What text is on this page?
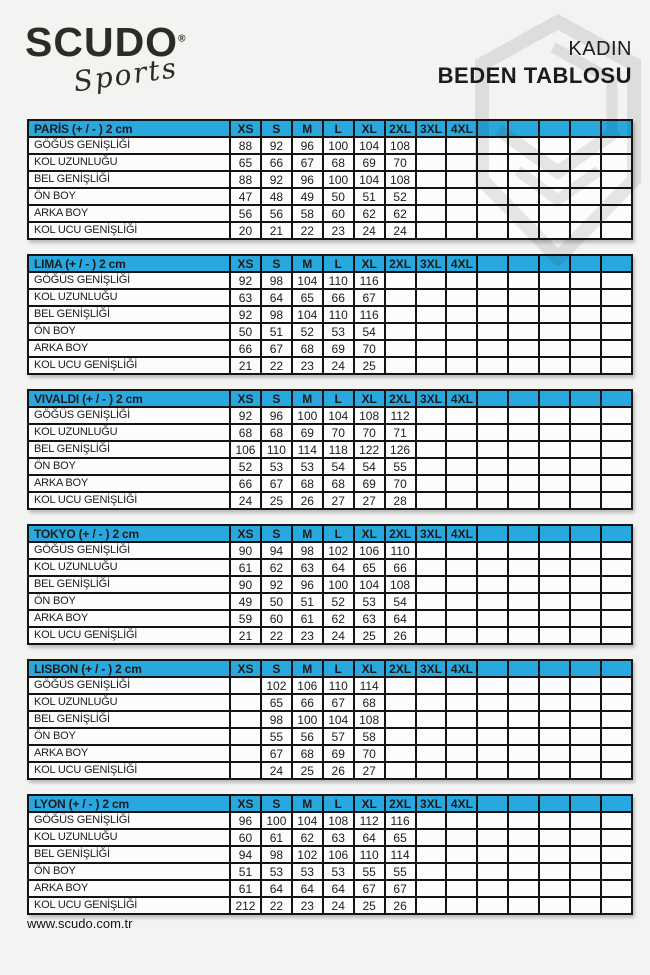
SCUDO®
Sports
KADIN
BEDEN TABLOSU
PARİS (+ / - ) 2 cm	XS	S	M	L	XL	2XL	3XL	4XL					
GÖĞÜS GENİŞLİĞİ	88	92	96	100	104	108							
KOL UZUNLUĞU	65	66	67	68	69	70							
BEL GENİŞLİĞİ	88	92	96	100	104	108							
ÖN BOY	47	48	49	50	51	52							
ARKA BOY	56	56	58	60	62	62							
KOL UCU GENİŞLİĞİ	20	21	22	23	24	24							
LIMA (+ / - ) 2 cm	XS	S	M	L	XL	2XL	3XL	4XL					
GÖĞÜS GENİŞLİĞİ	92	98	104	110	116								
KOL UZUNLUĞU	63	64	65	66	67								
BEL GENİŞLİĞİ	92	98	104	110	116								
ÖN BOY	50	51	52	53	54								
ARKA BOY	66	67	68	69	70								
KOL UCU GENİŞLİĞİ	21	22	23	24	25								
VIVALDI (+ / - ) 2 cm	XS	S	M	L	XL	2XL	3XL	4XL					
GÖĞÜS GENİŞLİĞİ	92	96	100	104	108	112							
KOL UZUNLUĞU	68	68	69	70	70	71							
BEL GENİŞLİĞİ	106	110	114	118	122	126							
ÖN BOY	52	53	53	54	54	55							
ARKA BOY	66	67	68	68	69	70							
KOL UCU GENİŞLİĞİ	24	25	26	27	27	28							
TOKYO (+ / - ) 2 cm	XS	S	M	L	XL	2XL	3XL	4XL					
GÖĞÜS GENİŞLİĞİ	90	94	98	102	106	110							
KOL UZUNLUĞU	61	62	63	64	65	66							
BEL GENİŞLİĞİ	90	92	96	100	104	108							
ÖN BOY	49	50	51	52	53	54							
ARKA BOY	59	60	61	62	63	64							
KOL UCU GENİŞLİĞİ	21	22	23	24	25	26							
LISBON (+ / - ) 2 cm	XS	S	M	L	XL	2XL	3XL	4XL					
GÖĞÜS GENİŞLİĞİ		102	106	110	114								
KOL UZUNLUĞU		65	66	67	68								
BEL GENİŞLİĞİ		98	100	104	108								
ÖN BOY		55	56	57	58								
ARKA BOY		67	68	69	70								
KOL UCU GENİŞLİĞİ		24	25	26	27								
LYON (+ / - ) 2 cm	XS	S	M	L	XL	2XL	3XL	4XL					
GÖĞÜS GENİŞLİĞİ	96	100	104	108	112	116							
KOL UZUNLUĞU	60	61	62	63	64	65							
BEL GENİŞLİĞİ	94	98	102	106	110	114							
ÖN BOY	51	53	53	53	55	55							
ARKA BOY	61	64	64	64	67	67							
KOL UCU GENİŞLİĞİ	212	22	23	24	25	26							
www.scudo.com.tr
